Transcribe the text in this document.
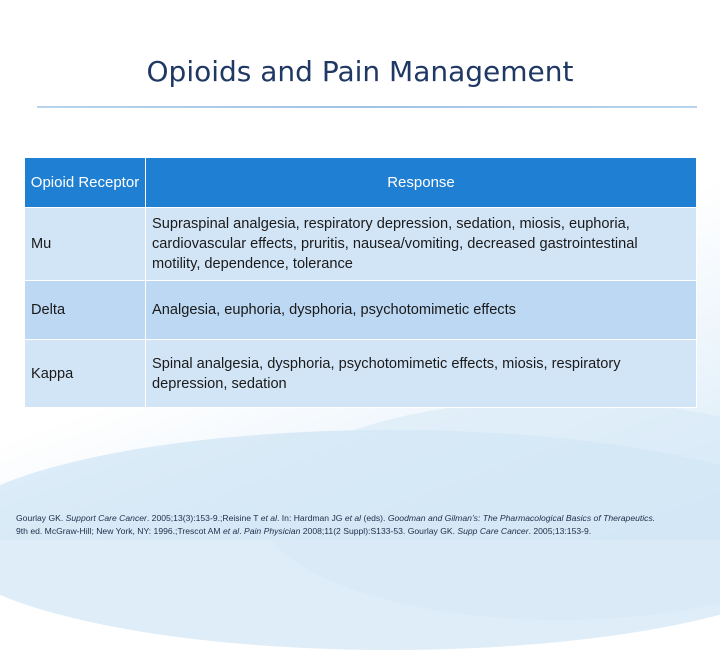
Opioids and Pain Management
Opioid Receptor	Response
Mu	Supraspinal analgesia, respiratory depression, sedation, miosis, euphoria, cardiovascular effects, pruritis, nausea/vomiting, decreased gastrointestinal motility, dependence, tolerance
Delta	Analgesia, euphoria, dysphoria, psychotomimetic effects
Kappa	Spinal analgesia, dysphoria, psychotomimetic effects, miosis, respiratory depression, sedation
Gourlay GK. Support Care Cancer. 2005;13(3):153-9.;Reisine T et al. In: Hardman JG et al (eds). Goodman and Gilman’s: The Pharmacological Basics of Therapeutics.
9th ed. McGraw-Hill; New York, NY: 1996.;Trescot AM et al. Pain Physician 2008;11(2 Suppl):S133-53. Gourlay GK. Supp Care Cancer. 2005;13:153-9.
